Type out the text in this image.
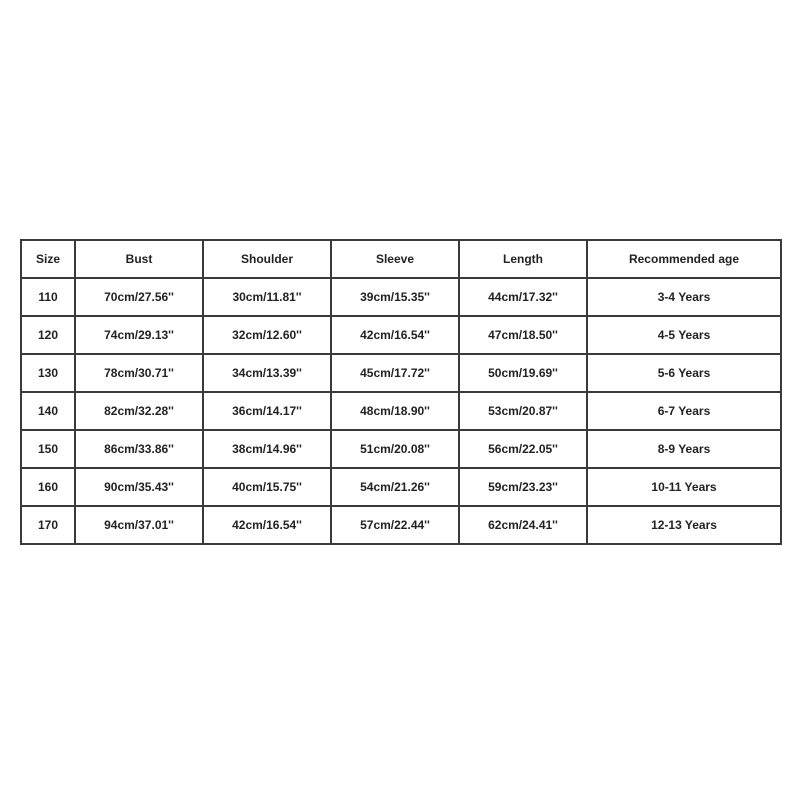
Size	Bust	Shoulder	Sleeve	Length	Recommended age
110	70cm/27.56''	30cm/11.81''	39cm/15.35''	44cm/17.32''	3-4 Years
120	74cm/29.13''	32cm/12.60''	42cm/16.54''	47cm/18.50''	4-5 Years
130	78cm/30.71''	34cm/13.39''	45cm/17.72''	50cm/19.69''	5-6 Years
140	82cm/32.28''	36cm/14.17''	48cm/18.90''	53cm/20.87''	6-7 Years
150	86cm/33.86''	38cm/14.96''	51cm/20.08''	56cm/22.05''	8-9 Years
160	90cm/35.43''	40cm/15.75''	54cm/21.26''	59cm/23.23''	10-11 Years
170	94cm/37.01''	42cm/16.54''	57cm/22.44''	62cm/24.41''	12-13 Years
